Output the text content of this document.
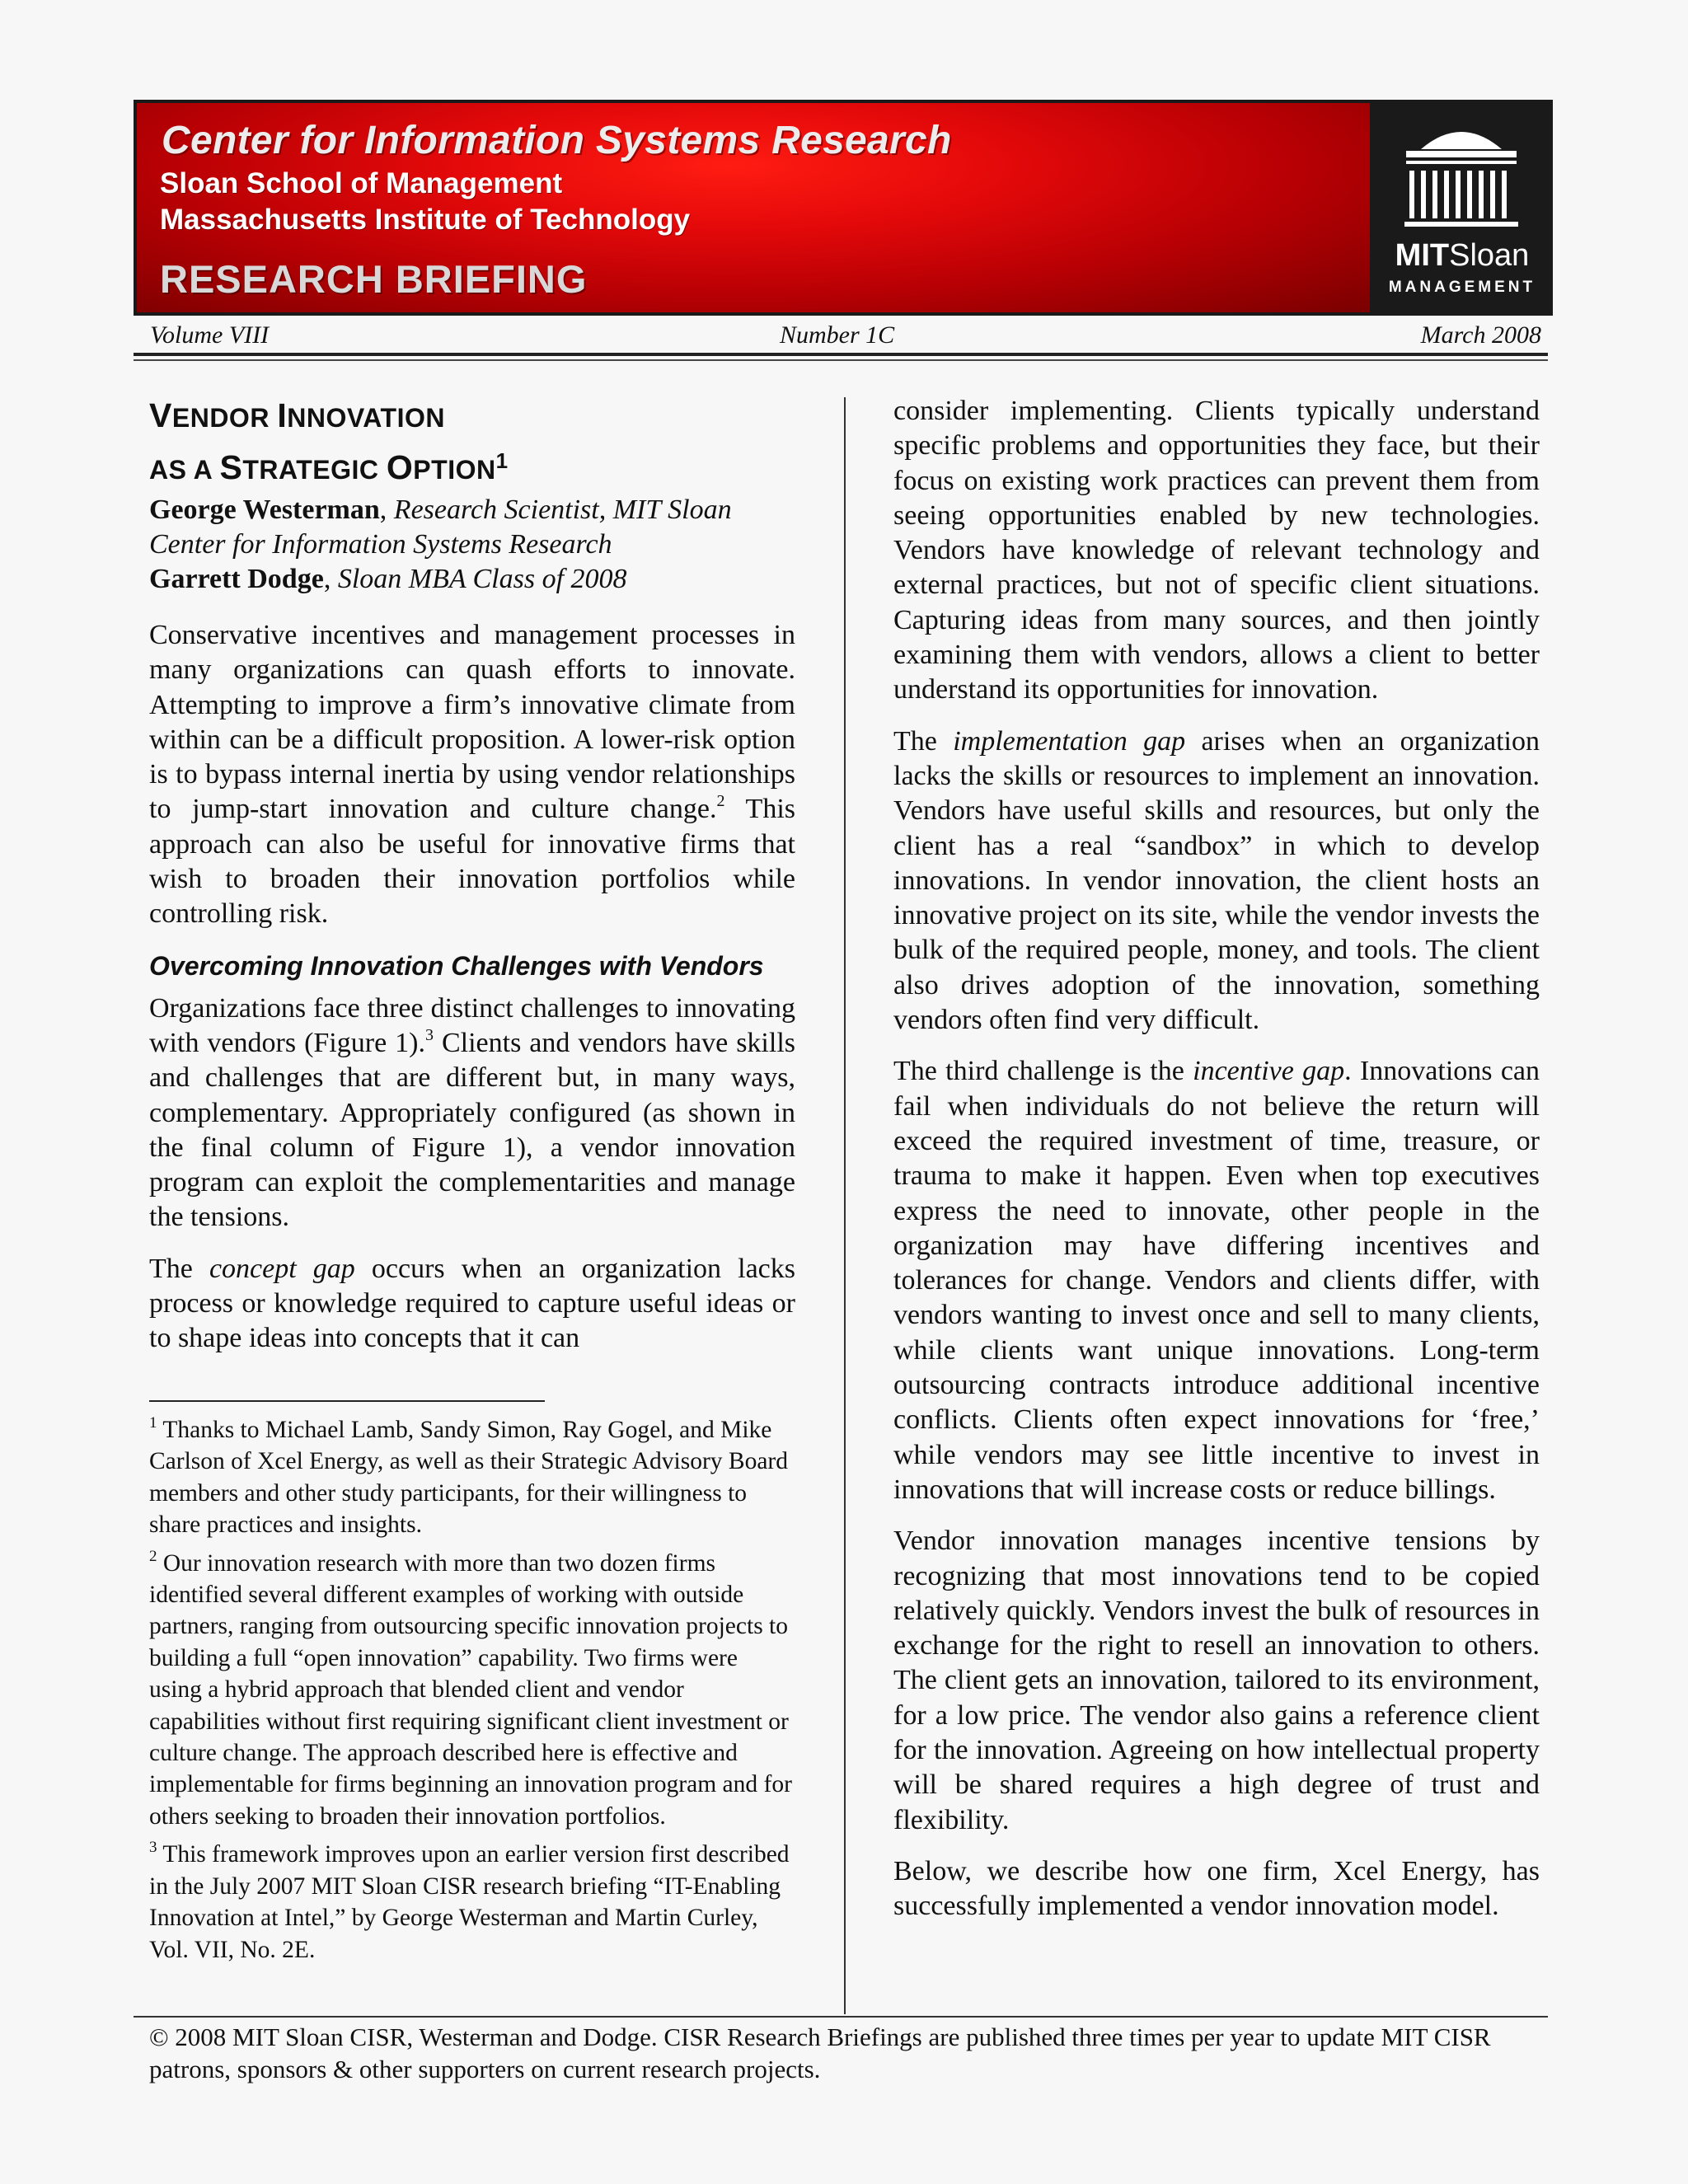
Center for Information Systems Research
Sloan School of Management
Massachusetts Institute of Technology
RESEARCH BRIEFING
MITSloan
MANAGEMENT
Volume VIII	Number 1C	March 2008
VENDOR INNOVATION
AS A STRATEGIC OPTION$^1$
George Westerman, Research Scientist, MIT Sloan
Center for Information Systems Research
Garrett Dodge, Sloan MBA Class of 2008

Conservative incentives and management processes in many organizations can quash efforts to innovate. Attempting to improve a firm’s innovative climate from within can be a difficult proposition. A lower-risk option is to bypass internal inertia by using vendor relationships to jump-start innovation and culture change.$^2$ This approach can also be useful for innovative firms that wish to broaden their innovation portfolios while controlling risk.

Overcoming Innovation Challenges with Vendors

Organizations face three distinct challenges to innovating with vendors (Figure 1).$^3$ Clients and vendors have skills and challenges that are different but, in many ways, complementary. Appropriately configured (as shown in the final column of Figure 1), a vendor innovation program can exploit the complementarities and manage the tensions.

The concept gap occurs when an organization lacks process or knowledge required to capture useful ideas or to shape ideas into concepts that it can

$^1$ Thanks to Michael Lamb, Sandy Simon, Ray Gogel, and Mike Carlson of Xcel Energy, as well as their Strategic Advisory Board members and other study participants, for their willingness to share practices and insights.

$^2$ Our innovation research with more than two dozen firms identified several different examples of working with outside partners, ranging from outsourcing specific innovation projects to building a full “open innovation” capability. Two firms were using a hybrid approach that blended client and vendor capabilities without first requiring significant client investment or culture change. The approach described here is effective and implementable for firms beginning an innovation program and for others seeking to broaden their innovation portfolios.

$^3$ This framework improves upon an earlier version first described in the July 2007 MIT Sloan CISR research briefing “IT-Enabling Innovation at Intel,” by George Westerman and Martin Curley, Vol. VII, No. 2E.

consider implementing. Clients typically understand specific problems and opportunities they face, but their focus on existing work practices can prevent them from seeing opportunities enabled by new technologies. Vendors have knowledge of relevant technology and external practices, but not of specific client situations. Capturing ideas from many sources, and then jointly examining them with vendors, allows a client to better understand its opportunities for innovation.

The implementation gap arises when an organization lacks the skills or resources to implement an innovation. Vendors have useful skills and resources, but only the client has a real “sandbox” in which to develop innovations. In vendor innovation, the client hosts an innovative project on its site, while the vendor invests the bulk of the required people, money, and tools. The client also drives adoption of the innovation, something vendors often find very difficult.

The third challenge is the incentive gap. Innovations can fail when individuals do not believe the return will exceed the required investment of time, treasure, or trauma to make it happen. Even when top executives express the need to innovate, other people in the organization may have differing incentives and tolerances for change. Vendors and clients differ, with vendors wanting to invest once and sell to many clients, while clients want unique innovations. Long-term outsourcing contracts introduce additional incentive conflicts. Clients often expect innovations for ‘free,’ while vendors may see little incentive to invest in innovations that will increase costs or reduce billings.

Vendor innovation manages incentive tensions by recognizing that most innovations tend to be copied relatively quickly. Vendors invest the bulk of resources in exchange for the right to resell an innovation to others. The client gets an innovation, tailored to its environment, for a low price. The vendor also gains a reference client for the innovation. Agreeing on how intellectual property will be shared requires a high degree of trust and flexibility.

Below, we describe how one firm, Xcel Energy, has successfully implemented a vendor innovation model.

© 2008 MIT Sloan CISR, Westerman and Dodge. CISR Research Briefings are published three times per year to update MIT CISR patrons, sponsors & other supporters on current research projects.
